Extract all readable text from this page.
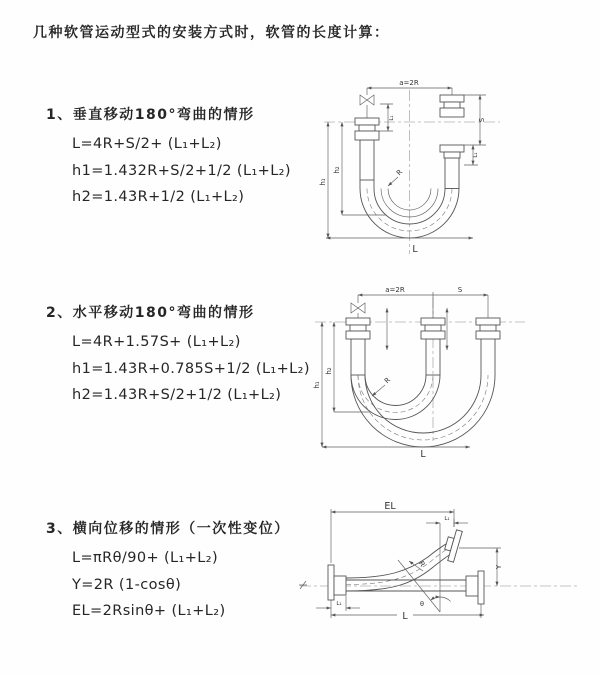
几种软管运动型式的安装方式时，软管的长度计算：
1、垂直移动180°弯曲的情形
L=4R+S/2+ (L₁+L₂)
h1=1.432R+S/2+1/2 (L₁+L₂)
h2=1.43R+1/2 (L₁+L₂)
2、水平移动180°弯曲的情形
L=4R+1.57S+ (L₁+L₂)
h1=1.43R+0.785S+1/2 (L₁+L₂)
h2=1.43R+S/2+1/2 (L₁+L₂)
3、横向位移的情形（一次性变位）
L=πRθ/90+ (L₁+L₂)
Y=2R (1-cosθ)
EL=2Rsinθ+ (L₁+L₂)
a=2R
L₁	S
L₁
h₁
h₂	R
L
a=2R	S
h₁
h₂
R
L
EL
L₁
Y
θ
R
L
L₁
